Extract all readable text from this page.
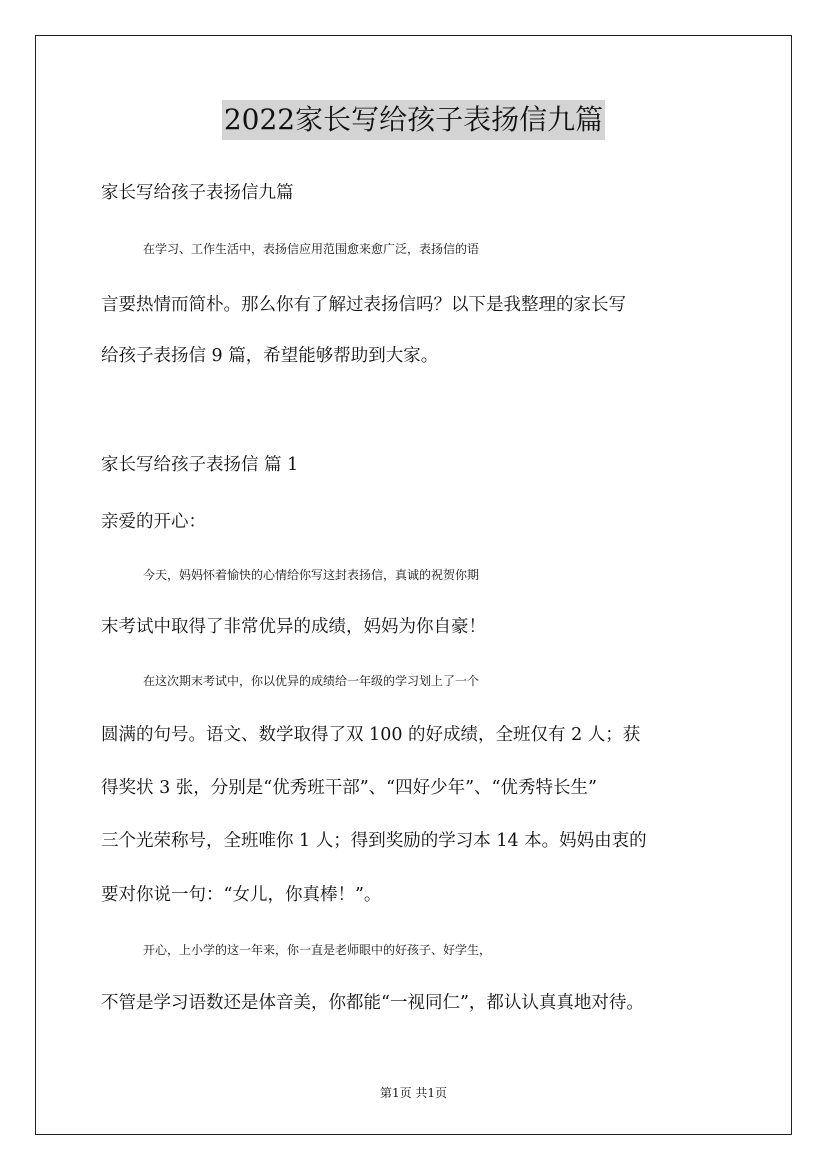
2022家长写给孩子表扬信九篇
家长写给孩子表扬信九篇
在学习、工作生活中，表扬信应用范围愈来愈广泛，表扬信的语
言要热情而简朴。那么你有了解过表扬信吗？以下是我整理的家长写
给孩子表扬信 9 篇，希望能够帮助到大家。
家长写给孩子表扬信 篇 1
亲爱的开心：
今天，妈妈怀着愉快的心情给你写这封表扬信，真诚的祝贺你期
末考试中取得了非常优异的成绩，妈妈为你自豪！
在这次期末考试中，你以优异的成绩给一年级的学习划上了一个
圆满的句号。语文、数学取得了双 100 的好成绩，全班仅有 2 人；获
得奖状 3 张，分别是“优秀班干部”、“四好少年”、“优秀特长生”
三个光荣称号，全班唯你 1 人；得到奖励的学习本 14 本。妈妈由衷的
要对你说一句：“女儿，你真棒！”。
开心，上小学的这一年来，你一直是老师眼中的好孩子、好学生，
不管是学习语数还是体音美，你都能“一视同仁”，都认认真真地对待。
第1页 共1页
